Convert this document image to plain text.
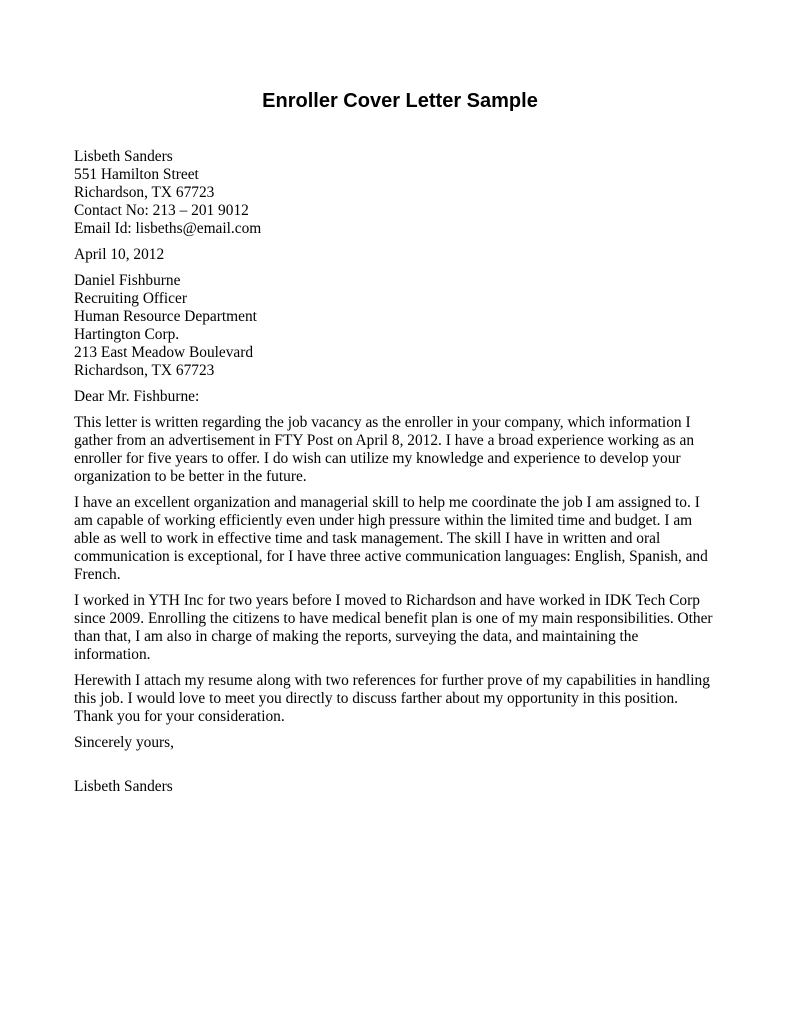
Enroller Cover Letter Sample
Lisbeth Sanders
551 Hamilton Street
Richardson, TX 67723
Contact No: 213 – 201 9012
Email Id: lisbeths@email.com
April 10, 2012
Daniel Fishburne
Recruiting Officer
Human Resource Department
Hartington Corp.
213 East Meadow Boulevard
Richardson, TX 67723
Dear Mr. Fishburne:
This letter is written regarding the job vacancy as the enroller in your company, which information I
gather from an advertisement in FTY Post on April 8, 2012. I have a broad experience working as an
enroller for five years to offer. I do wish can utilize my knowledge and experience to develop your
organization to be better in the future.
I have an excellent organization and managerial skill to help me coordinate the job I am assigned to. I
am capable of working efficiently even under high pressure within the limited time and budget. I am
able as well to work in effective time and task management. The skill I have in written and oral
communication is exceptional, for I have three active communication languages: English, Spanish, and
French.
I worked in YTH Inc for two years before I moved to Richardson and have worked in IDK Tech Corp
since 2009. Enrolling the citizens to have medical benefit plan is one of my main responsibilities. Other
than that, I am also in charge of making the reports, surveying the data, and maintaining the
information.
Herewith I attach my resume along with two references for further prove of my capabilities in handling
this job. I would love to meet you directly to discuss farther about my opportunity in this position.
Thank you for your consideration.
Sincerely yours,
Lisbeth Sanders
